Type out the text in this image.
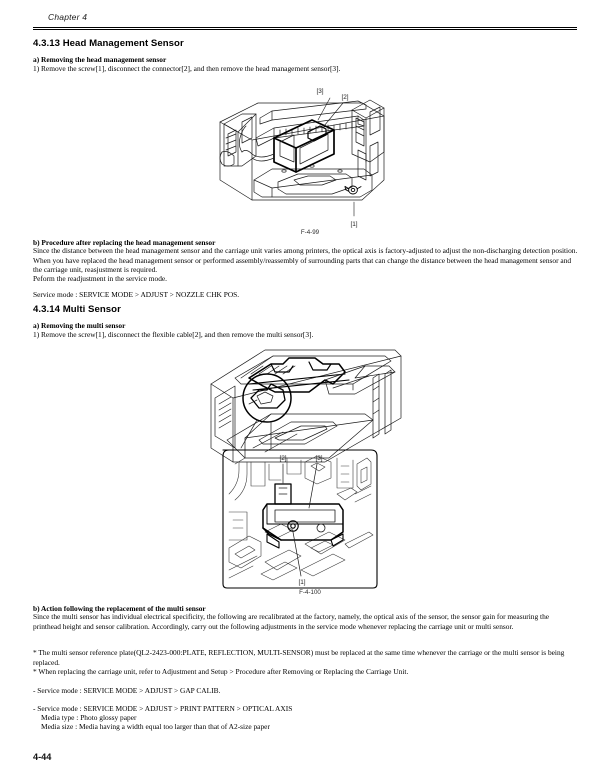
Chapter 4
4.3.13 Head Management Sensor
a) Removing the head management sensor
1) Remove the screw[1], disconnect the connector[2], and then remove the head management sensor[3].
[3]
[2]
[1]
F-4-99
b) Procedure after replacing the head management sensor
Since the distance between the head management sensor and the carriage unit varies among printers, the optical axis is factory-adjusted to adjust the non-discharging detection position. When you have replaced the head management sensor or performed assembly/reassembly of surrounding parts that can change the distance between the head management sensor and the carriage unit, reasjustment is required.
Peform the readjustment in the service mode.
Service mode : SERVICE MODE > ADJUST > NOZZLE CHK POS.
4.3.14 Multi Sensor
a) Removing the multi sensor
1) Remove the screw[1], disconnect the flexible cable[2], and then remove the multi sensor[3].
[2]	[3]
[1]
F-4-100
b) Action following the replacement of the multi sensor
Since the multi sensor has individual electrical specificity, the following are recalibrated at the factory, namely, the optical axis of the sensor, the sensor gain for measuring the printhead height and sensor calibration. Accordingly, carry out the following adjustments in the service mode whenever replacing the carriage unit or multi sensor.
* The multi sensor reference plate(QL2-2423-000:PLATE, REFLECTION, MULTI-SENSOR) must be replaced at the same time whenever the carriage or the multi sensor is being replaced.
* When replacing the carriage unit, refer to Adjustment and Setup > Procedure after Removing or Replacing the Carriage Unit.
- Service mode : SERVICE MODE > ADJUST > GAP CALIB.
- Service mode : SERVICE MODE > ADJUST > PRINT PATTERN > OPTICAL AXIS
Media type : Photo glossy paper
Media size : Media having a width equal too larger than that of A2-size paper
4-44
